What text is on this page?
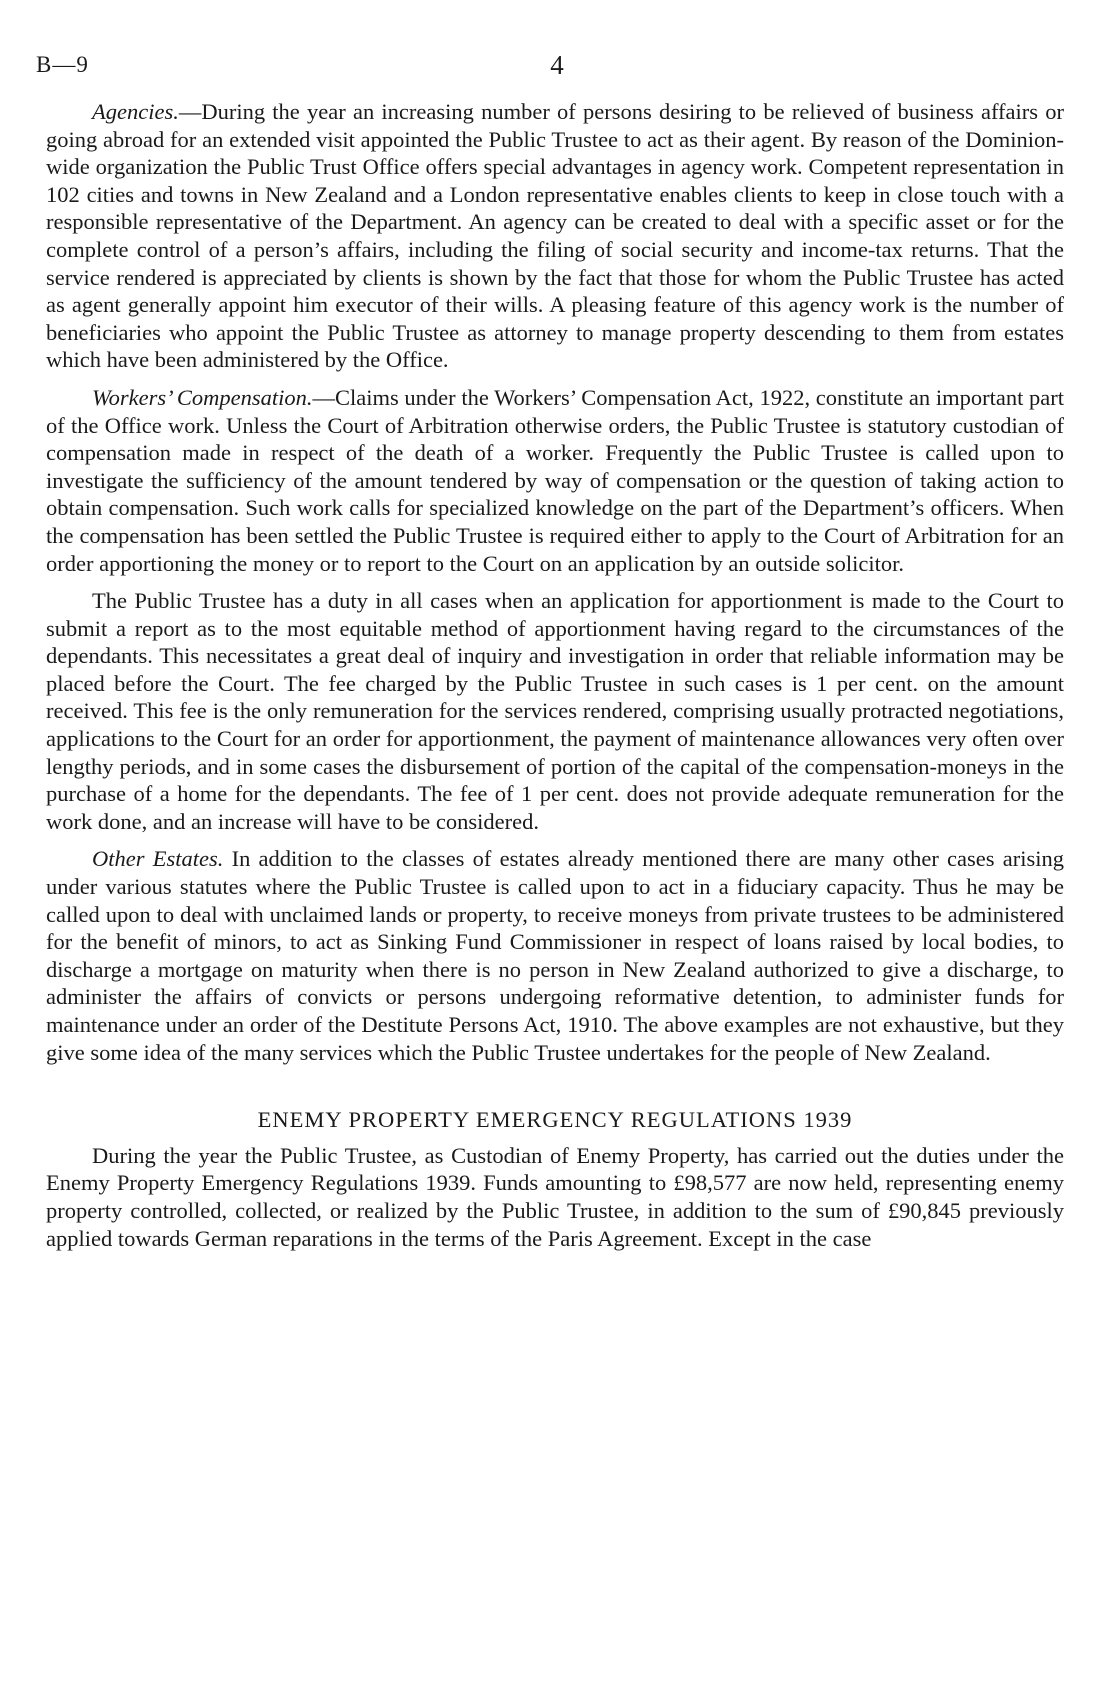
B—9	4

Agencies.—During the year an increasing number of persons desiring to be relieved of business affairs or going abroad for an extended visit appointed the Public Trustee to act as their agent. By reason of the Dominion-wide organization the Public Trust Office offers special advantages in agency work. Competent representation in 102 cities and towns in New Zealand and a London representative enables clients to keep in close touch with a responsible representative of the Department. An agency can be created to deal with a specific asset or for the complete control of a person’s affairs, including the filing of social security and income-tax returns. That the service rendered is appreciated by clients is shown by the fact that those for whom the Public Trustee has acted as agent generally appoint him executor of their wills. A pleasing feature of this agency work is the number of beneficiaries who appoint the Public Trustee as attorney to manage property descending to them from estates which have been administered by the Office.

Workers’ Compensation.—Claims under the Workers’ Compensation Act, 1922, constitute an important part of the Office work. Unless the Court of Arbitration otherwise orders, the Public Trustee is statutory custodian of compensation made in respect of the death of a worker. Frequently the Public Trustee is called upon to investigate the sufficiency of the amount tendered by way of compensation or the question of taking action to obtain compensation. Such work calls for specialized knowledge on the part of the Department’s officers. When the compensation has been settled the Public Trustee is required either to apply to the Court of Arbitration for an order apportioning the money or to report to the Court on an application by an outside solicitor.

The Public Trustee has a duty in all cases when an application for apportionment is made to the Court to submit a report as to the most equitable method of apportionment having regard to the circumstances of the dependants. This necessitates a great deal of inquiry and investigation in order that reliable information may be placed before the Court. The fee charged by the Public Trustee in such cases is 1 per cent. on the amount received. This fee is the only remuneration for the services rendered, comprising usually protracted negotiations, applications to the Court for an order for apportionment, the payment of maintenance allowances very often over lengthy periods, and in some cases the disbursement of portion of the capital of the compensation-moneys in the purchase of a home for the dependants. The fee of 1 per cent. does not provide adequate remuneration for the work done, and an increase will have to be considered.

Other Estates. In addition to the classes of estates already mentioned there are many other cases arising under various statutes where the Public Trustee is called upon to act in a fiduciary capacity. Thus he may be called upon to deal with unclaimed lands or property, to receive moneys from private trustees to be administered for the benefit of minors, to act as Sinking Fund Commissioner in respect of loans raised by local bodies, to discharge a mortgage on maturity when there is no person in New Zealand authorized to give a discharge, to administer the affairs of convicts or persons undergoing reformative detention, to administer funds for maintenance under an order of the Destitute Persons Act, 1910. The above examples are not exhaustive, but they give some idea of the many services which the Public Trustee undertakes for the people of New Zealand.

ENEMY PROPERTY EMERGENCY REGULATIONS 1939

During the year the Public Trustee, as Custodian of Enemy Property, has carried out the duties under the Enemy Property Emergency Regulations 1939. Funds amounting to £98,577 are now held, representing enemy property controlled, collected, or realized by the Public Trustee, in addition to the sum of £90,845 previously applied towards German reparations in the terms of the Paris Agreement. Except in the case
